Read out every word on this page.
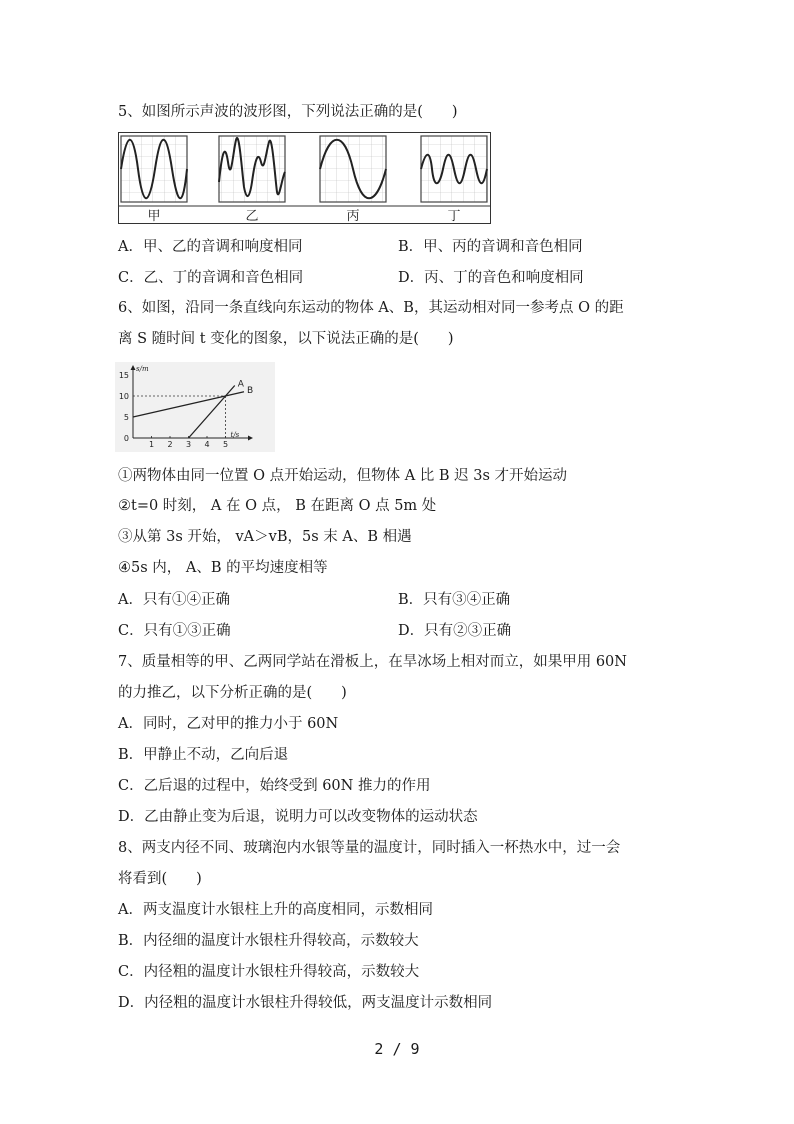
5、如图所示声波的波形图，下列说法正确的是(　　)
甲	乙	丙	丁
A．甲、乙的音调和响度相同	B．甲、丙的音调和音色相同
C．乙、丁的音调和音色相同	D．丙、丁的音色和响度相同
6、如图，沿同一条直线向东运动的物体 A、B，其运动相对同一参考点 O 的距
离 S 随时间 t 变化的图象，以下说法正确的是(　　)
s/m
t/s
1 2 3 4 5
0
5
10
15
A
B
①两物体由同一位置 O 点开始运动，但物体 A 比 B 迟 3s 才开始运动
②t=0 时刻， A 在 O 点， B 在距离 O 点 5m 处
③从第 3s 开始， vA＞vB，5s 末 A、B 相遇
④5s 内， A、B 的平均速度相等
A．只有①④正确	B．只有③④正确
C．只有①③正确	D．只有②③正确
7、质量相等的甲、乙两同学站在滑板上，在旱冰场上相对而立，如果甲用 60N
的力推乙，以下分析正确的是(　　)
A．同时，乙对甲的推力小于 60N
B．甲静止不动，乙向后退
C．乙后退的过程中，始终受到 60N 推力的作用
D．乙由静止变为后退，说明力可以改变物体的运动状态
8、两支内径不同、玻璃泡内水银等量的温度计，同时插入一杯热水中，过一会
将看到(　　)
A．两支温度计水银柱上升的高度相同，示数相同
B．内径细的温度计水银柱升得较高，示数较大
C．内径粗的温度计水银柱升得较高，示数较大
D．内径粗的温度计水银柱升得较低，两支温度计示数相同
2 / 9
